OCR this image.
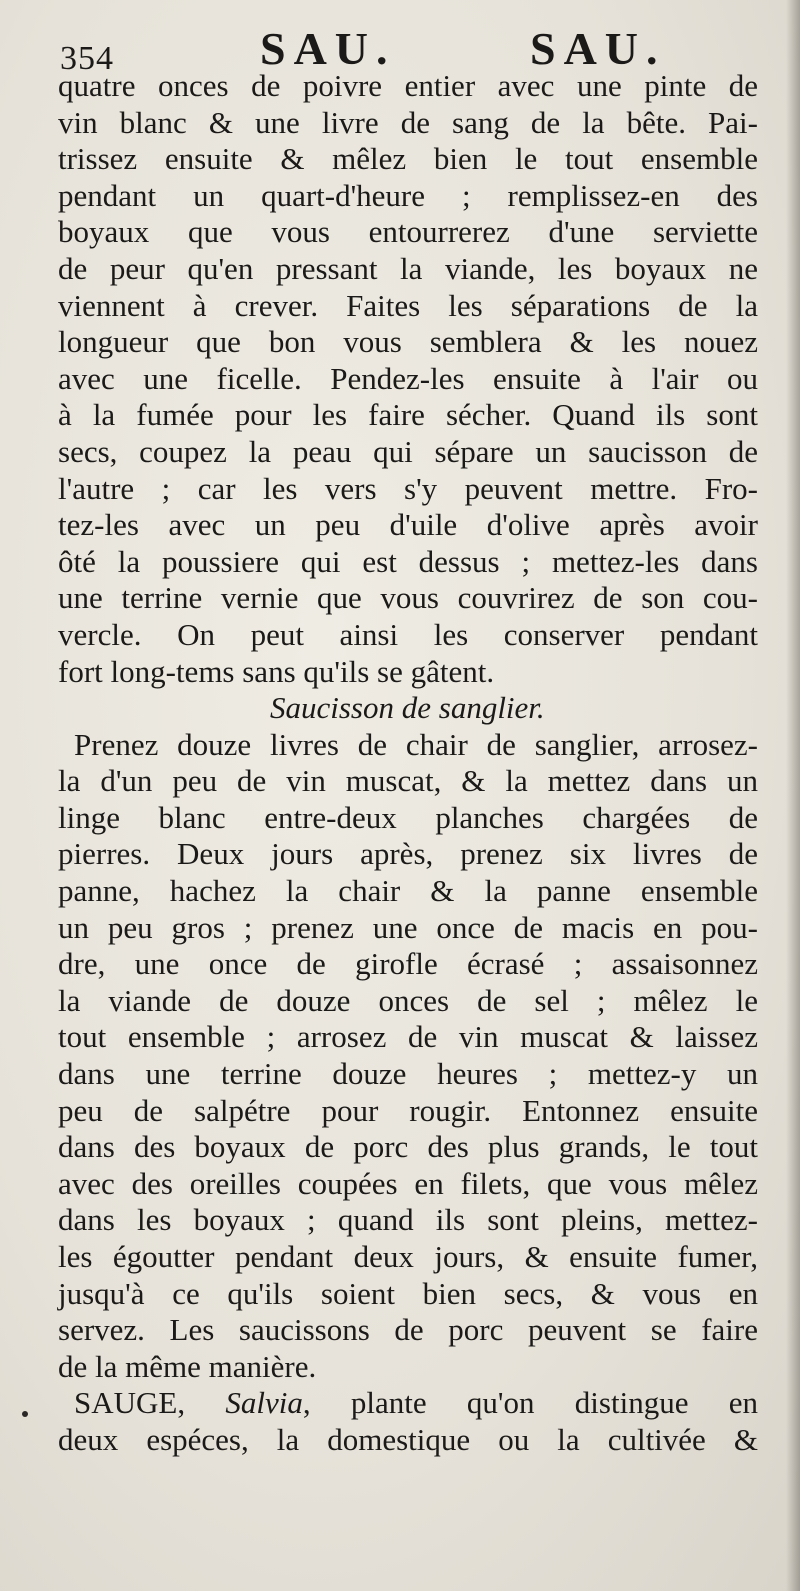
354	SAU.	SAU.
quatre onces de poivre entier avec une pinte de
vin blanc & une livre de sang de la bête. Pai-
trissez ensuite & mêlez bien le tout ensemble
pendant un quart-d'heure ; remplissez-en des
boyaux que vous entourrerez d'une serviette
de peur qu'en pressant la viande, les boyaux ne
viennent à crever. Faites les séparations de la
longueur que bon vous semblera & les nouez
avec une ficelle. Pendez-les ensuite à l'air ou
à la fumée pour les faire sécher. Quand ils sont
secs, coupez la peau qui sépare un saucisson de
l'autre ; car les vers s'y peuvent mettre. Fro-
tez-les avec un peu d'uile d'olive après avoir
ôté la poussiere qui est dessus ; mettez-les dans
une terrine vernie que vous couvrirez de son cou-
vercle. On peut ainsi les conserver pendant
fort long-tems sans qu'ils se gâtent.
Saucisson de sanglier.
Prenez douze livres de chair de sanglier, arrosez-
la d'un peu de vin muscat, & la mettez dans un
linge blanc entre-deux planches chargées de
pierres. Deux jours après, prenez six livres de
panne, hachez la chair & la panne ensemble
un peu gros ; prenez une once de macis en pou-
dre, une once de girofle écrasé ; assaisonnez
la viande de douze onces de sel ; mêlez le
tout ensemble ; arrosez de vin muscat & laissez
dans une terrine douze heures ; mettez-y un
peu de salpétre pour rougir. Entonnez ensuite
dans des boyaux de porc des plus grands, le tout
avec des oreilles coupées en filets, que vous mêlez
dans les boyaux ; quand ils sont pleins, mettez-
les égoutter pendant deux jours, & ensuite fumer,
jusqu'à ce qu'ils soient bien secs, & vous en
servez. Les saucissons de porc peuvent se faire
de la même manière.
SAUGE, Salvia, plante qu'on distingue en
deux espéces, la domestique ou la cultivée &
